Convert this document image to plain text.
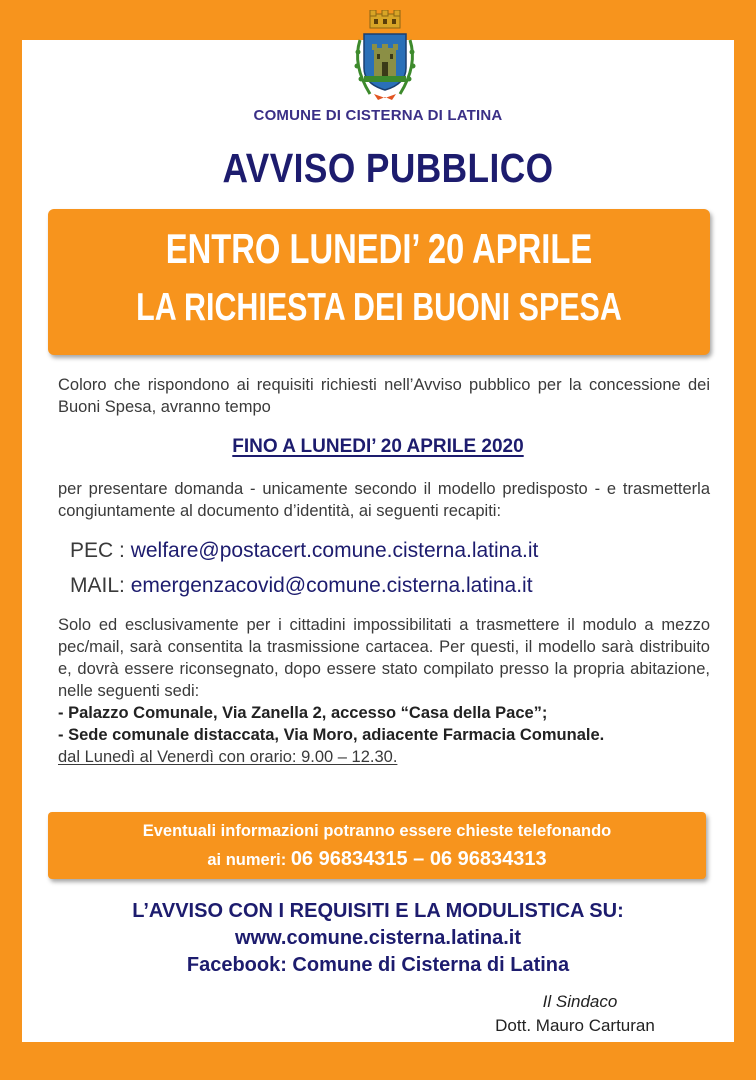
COMUNE DI CISTERNA DI LATINA
AVVISO PUBBLICO
ENTRO LUNEDI’ 20 APRILE
LA RICHIESTA DEI BUONI SPESA
Coloro che rispondono ai requisiti richiesti nell’Avviso pubblico per la concessione dei Buoni Spesa, avranno tempo
FINO A LUNEDI’ 20 APRILE 2020
per presentare domanda - unicamente secondo il modello predisposto - e trasmetterla congiuntamente al documento d’identità, ai seguenti recapiti:
PEC : welfare@postacert.comune.cisterna.latina.it
MAIL: emergenzacovid@comune.cisterna.latina.it
Solo ed esclusivamente per i cittadini impossibilitati a trasmettere il modulo a mezzo pec/mail, sarà consentita la trasmissione cartacea. Per questi, il modello sarà distribuito e, dovrà essere riconsegnato, dopo essere stato compilato presso la propria abitazione, nelle seguenti sedi:
- Palazzo Comunale, Via Zanella 2, accesso “Casa della Pace”;
- Sede comunale distaccata, Via Moro, adiacente Farmacia Comunale.
dal Lunedì al Venerdì con orario: 9.00 – 12.30.
Eventuali informazioni potranno essere chieste telefonando
ai numeri: 06 96834315 – 06 96834313
L’AVVISO CON I REQUISITI E LA MODULISTICA SU:
www.comune.cisterna.latina.it
Facebook: Comune di Cisterna di Latina
Il Sindaco
Dott. Mauro Carturan
